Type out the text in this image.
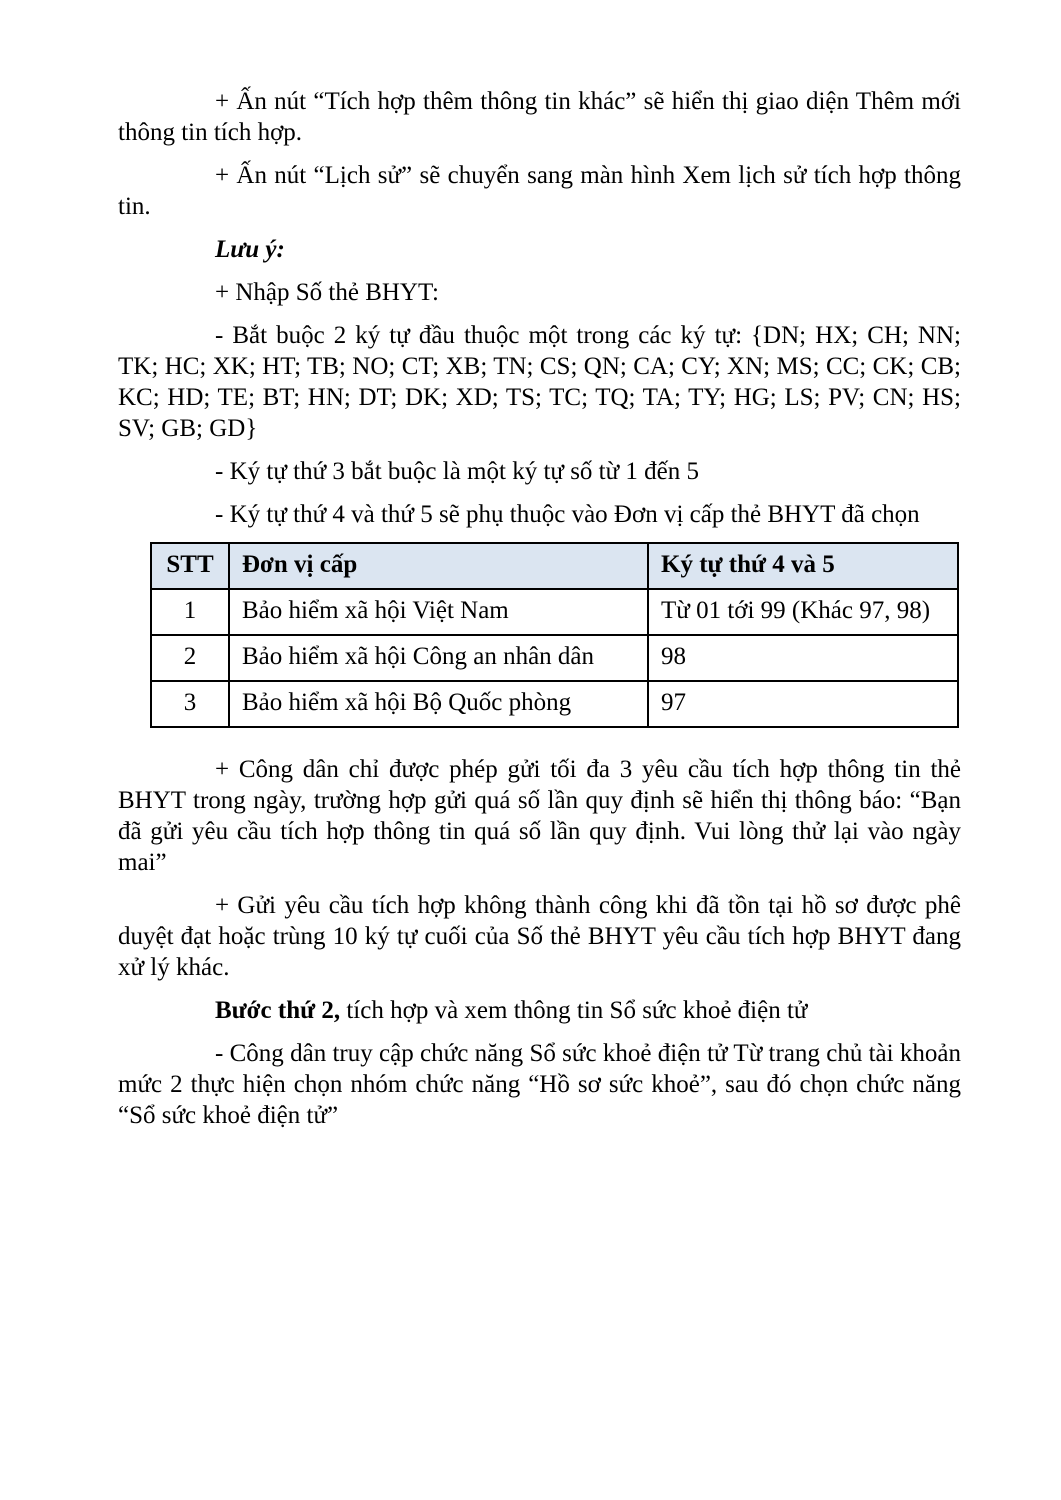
+ Ấn nút “Tích hợp thêm thông tin khác” sẽ hiển thị giao diện Thêm mới thông tin tích hợp.

+ Ấn nút “Lịch sử” sẽ chuyển sang màn hình Xem lịch sử tích hợp thông tin.

Lưu ý:

+ Nhập Số thẻ BHYT:

- Bắt buộc 2 ký tự đầu thuộc một trong các ký tự: {DN; HX; CH; NN; TK; HC; XK; HT; TB; NO; CT; XB; TN; CS; QN; CA; CY; XN; MS; CC; CK; CB; KC; HD; TE; BT; HN; DT; DK; XD; TS; TC; TQ; TA; TY; HG; LS; PV; CN; HS; SV; GB; GD}

- Ký tự thứ 3 bắt buộc là một ký tự số từ 1 đến 5

- Ký tự thứ 4 và thứ 5 sẽ phụ thuộc vào Đơn vị cấp thẻ BHYT đã chọn

STT	Đơn vị cấp	Ký tự thứ 4 và 5
1	Bảo hiểm xã hội Việt Nam	Từ 01 tới 99 (Khác 97, 98)
2	Bảo hiểm xã hội Công an nhân dân	98
3	Bảo hiểm xã hội Bộ Quốc phòng	97

+ Công dân chỉ được phép gửi tối đa 3 yêu cầu tích hợp thông tin thẻ BHYT trong ngày, trường hợp gửi quá số lần quy định sẽ hiển thị thông báo: “Bạn đã gửi yêu cầu tích hợp thông tin quá số lần quy định. Vui lòng thử lại vào ngày mai”

+ Gửi yêu cầu tích hợp không thành công khi đã tồn tại hồ sơ được phê duyệt đạt hoặc trùng 10 ký tự cuối của Số thẻ BHYT yêu cầu tích hợp BHYT đang xử lý khác.

Bước thứ 2, tích hợp và xem thông tin Sổ sức khoẻ điện tử

- Công dân truy cập chức năng Sổ sức khoẻ điện tử Từ trang chủ tài khoản mức 2 thực hiện chọn nhóm chức năng “Hồ sơ sức khoẻ”, sau đó chọn chức năng “Sổ sức khoẻ điện tử”
